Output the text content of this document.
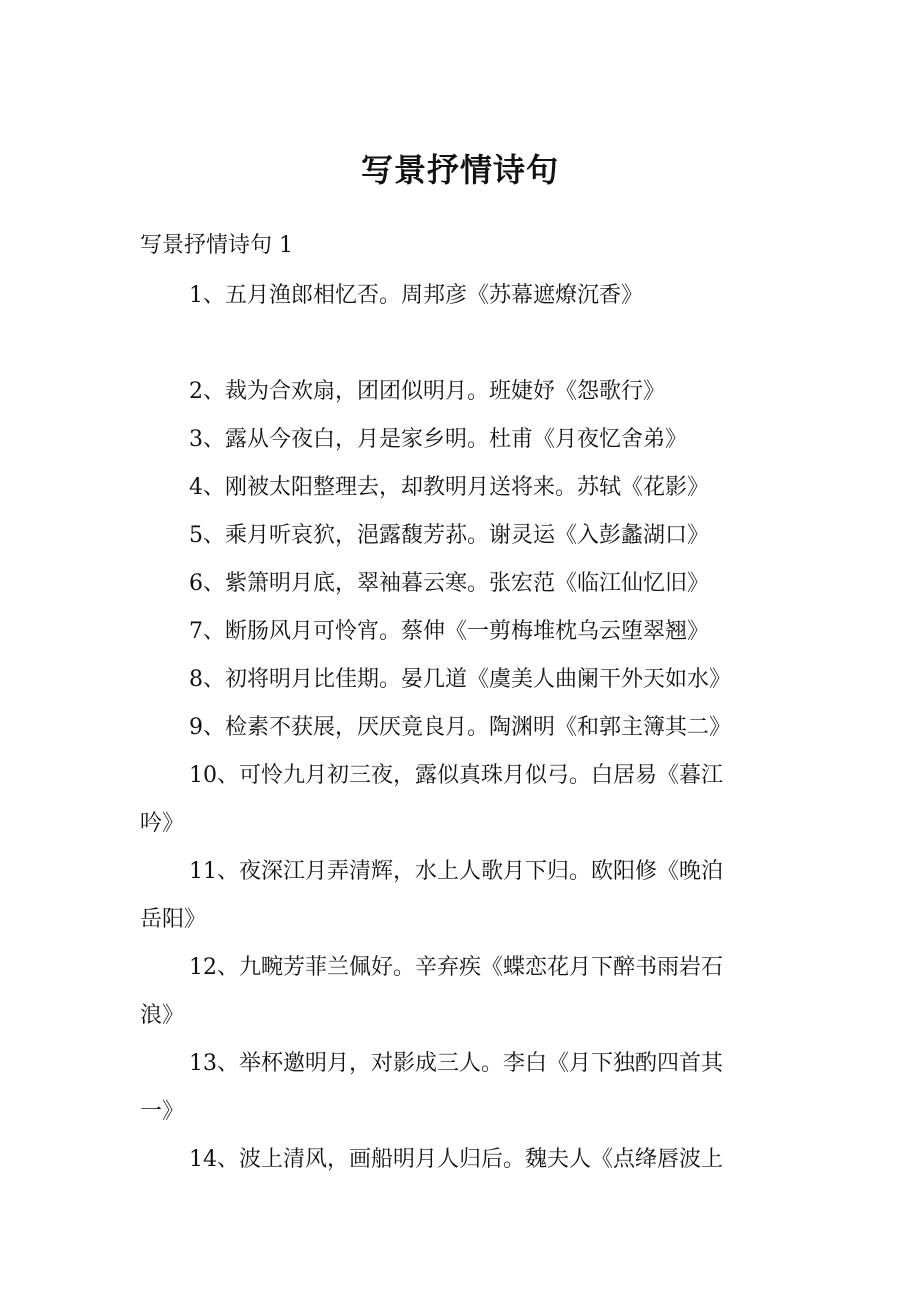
写景抒情诗句
写景抒情诗句 1
1、五月渔郎相忆否。周邦彦《苏幕遮燎沉香》
2、裁为合欢扇，团团似明月。班婕妤《怨歌行》
3、露从今夜白，月是家乡明。杜甫《月夜忆舍弟》
4、刚被太阳整理去，却教明月送将来。苏轼《花影》
5、乘月听哀狖，浥露馥芳荪。谢灵运《入彭蠡湖口》
6、紫箫明月底，翠袖暮云寒。张宏范《临江仙忆旧》
7、断肠风月可怜宵。蔡伸《一剪梅堆枕乌云堕翠翘》
8、初将明月比佳期。晏几道《虞美人曲阑干外天如水》
9、检素不获展，厌厌竟良月。陶渊明《和郭主簿其二》
10、可怜九月初三夜，露似真珠月似弓。白居易《暮江
吟》
11、夜深江月弄清辉，水上人歌月下归。欧阳修《晚泊
岳阳》
12、九畹芳菲兰佩好。辛弃疾《蝶恋花月下醉书雨岩石
浪》
13、举杯邀明月，对影成三人。李白《月下独酌四首其
一》
14、波上清风，画船明月人归后。魏夫人《点绛唇波上
